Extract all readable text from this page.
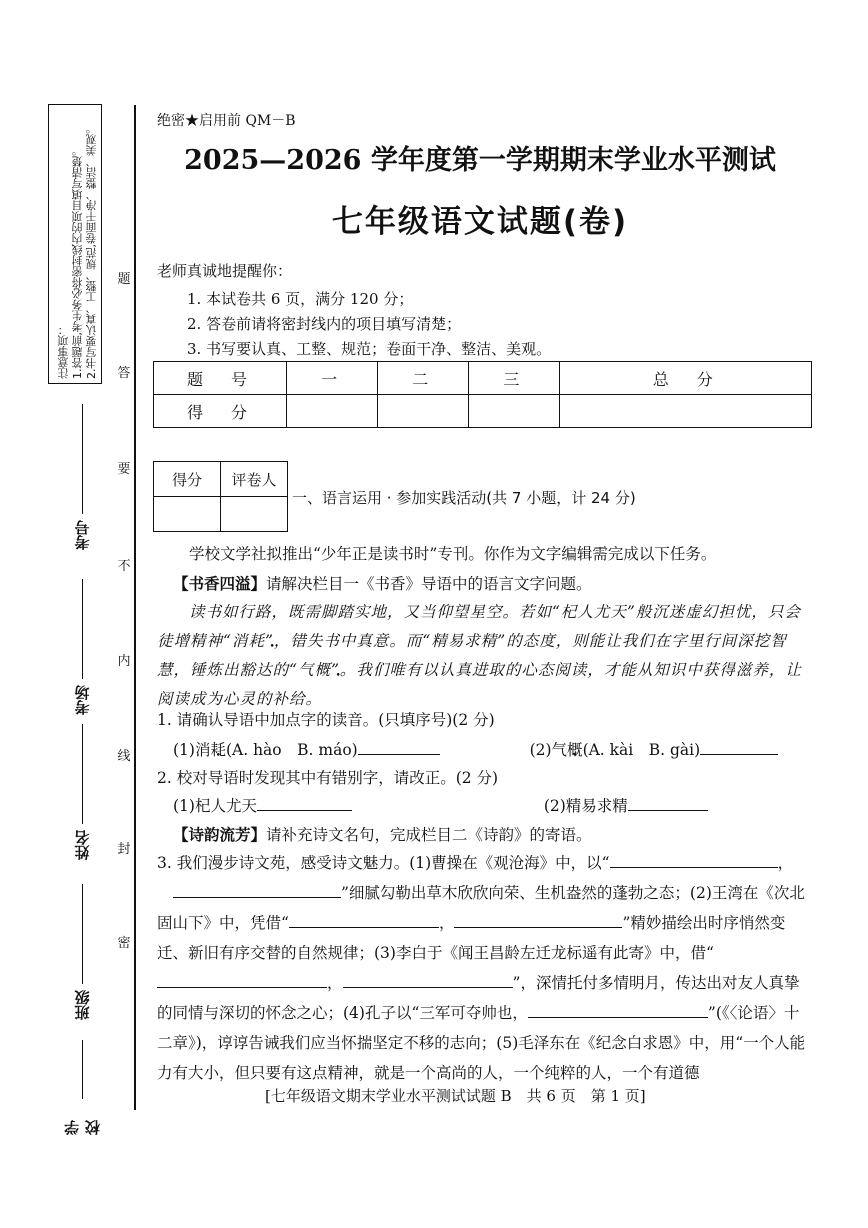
注意事项：
1.答题前,考生务必将密封线内的项目填写清楚。
2.书写要认真、工整、规范,卷面干净、整洁、美观。 题
答
要
不
内
线
封
密
考号
考场
姓名
班级
学校
绝密★启用前 QM－B
2025—2026 学年度第一学期期末学业水平测试
七年级语文试题(卷)
老师真诚地提醒你：
1. 本试卷共 6 页，满分 120 分；
2. 答卷前请将密封线内的项目填写清楚；
3. 书写要认真、工整、规范；卷面干净、整洁、美观。
题　号	一	二	三	总　分
得　分				
得分	评卷人

一、语言运用 · 参加实践活动(共 7 小题，计 24 分)
学校文学社拟推出“少年正是读书时”专刊。你作为文字编辑需完成以下任务。
【书香四溢】请解决栏目一《书香》导语中的语言文字问题。
读书如行路，既需脚踏实地，又当仰望星空。若如“杞人尤天”般沉迷虚幻担忧，只会徒增精神“消耗”，错失书中真意。而“精易求精”的态度，则能让我们在字里行间深挖智慧，锤炼出豁达的“气概”。我们唯有以认真进取的心态阅读，才能从知识中获得滋养，让阅读成为心灵的补给。
1. 请确认导语中加点字的读音。(只填序号)(2 分)
(1)消耗(A. hào　B. máo)	(2)气概(A. kài　B. gài)
2. 校对导语时发现其中有错别字，请改正。(2 分)
(1)杞人尤天	(2)精易求精
【诗韵流芳】请补充诗文名句，完成栏目二《诗韵》的寄语。
3. 我们漫步诗文苑，感受诗文魅力。(1)曹操在《观沧海》中，以“	，
”细腻勾勒出草木欣欣向荣、生机盎然的蓬勃之态；(2)王湾在《次北固山下》中，凭借“	，	”精妙描绘出时序悄然变迁、新旧有序交替的自然规律；(3)李白于《闻王昌龄左迁龙标遥有此寄》中，借“，	”，深情托付多情明月，传达出对友人真挚的同情与深切的怀念之心；(4)孔子以“三军可夺帅也，	”(《〈论语〉十二章》)，谆谆告诫我们应当怀揣坚定不移的志向；(5)毛泽东在《纪念白求恩》中，用“一个人能力有大小，但只要有这点精神，就是一个高尚的人，一个纯粹的人，一个有道德
[七年级语文期末学业水平测试试题 B　共 6 页　第 1 页]
